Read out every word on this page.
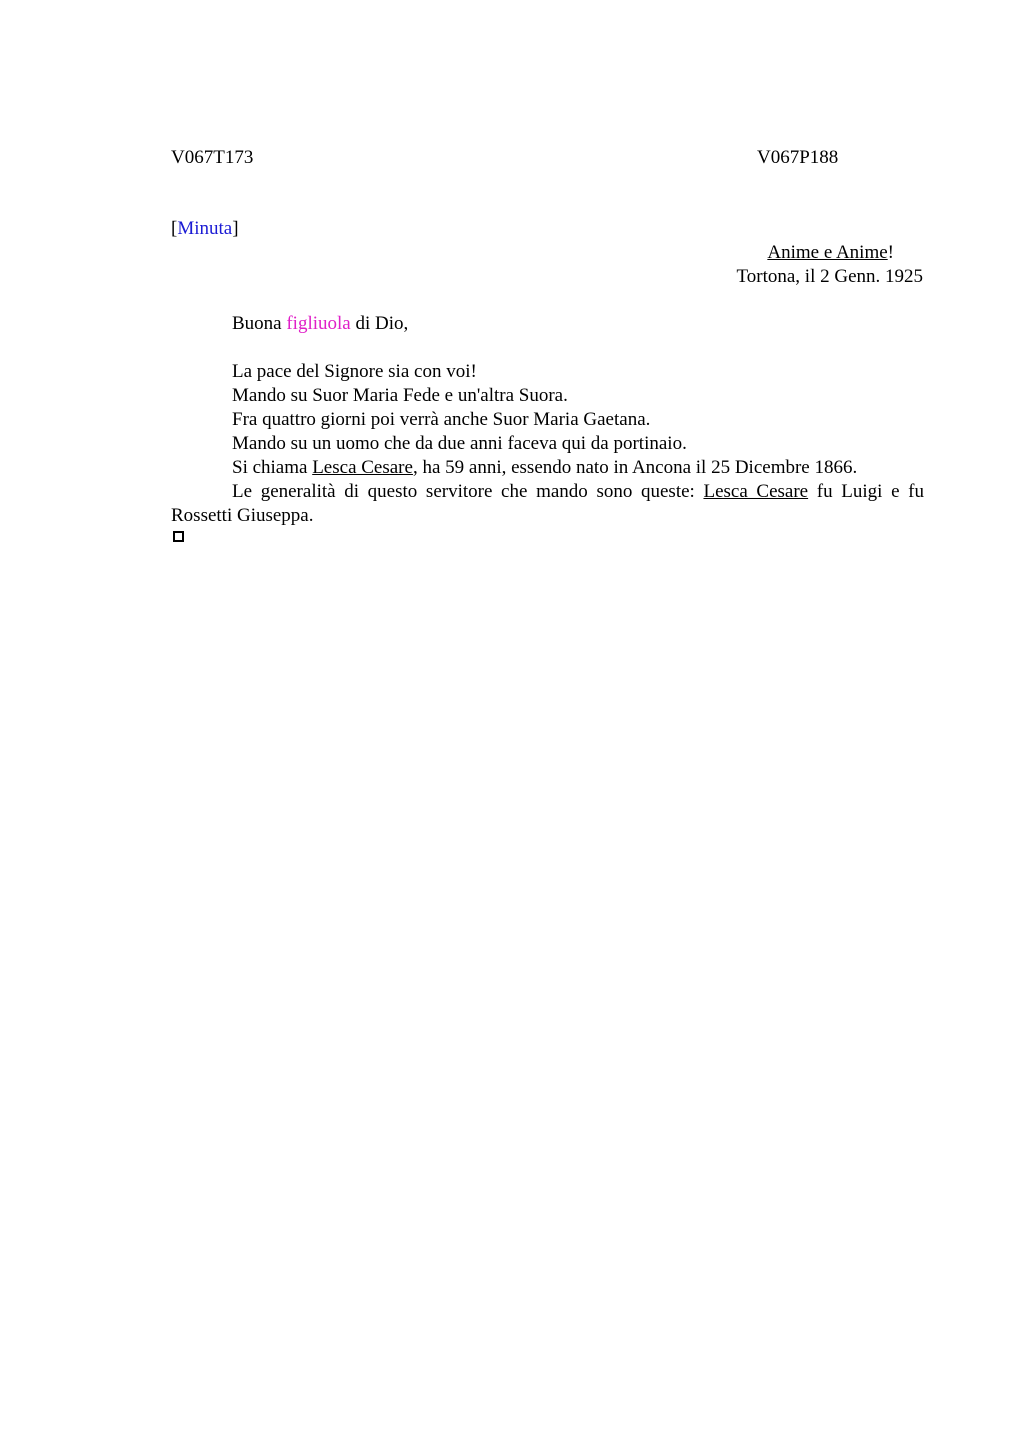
V067T173	V067P188
[Minuta]
Anime e Anime!
Tortona, il 2 Genn. 1925
Buona figliuola di Dio,
La pace del Signore sia con voi!
Mando su Suor Maria Fede e un'altra Suora.
Fra quattro giorni poi verrà anche Suor Maria Gaetana.
Mando su un uomo che da due anni faceva qui da portinaio.
Si chiama Lesca Cesare, ha 59 anni, essendo nato in Ancona il 25 Dicembre 1866.
Le generalità di questo servitore che mando sono queste: Lesca Cesare fu Luigi e fu Rossetti Giuseppa.
